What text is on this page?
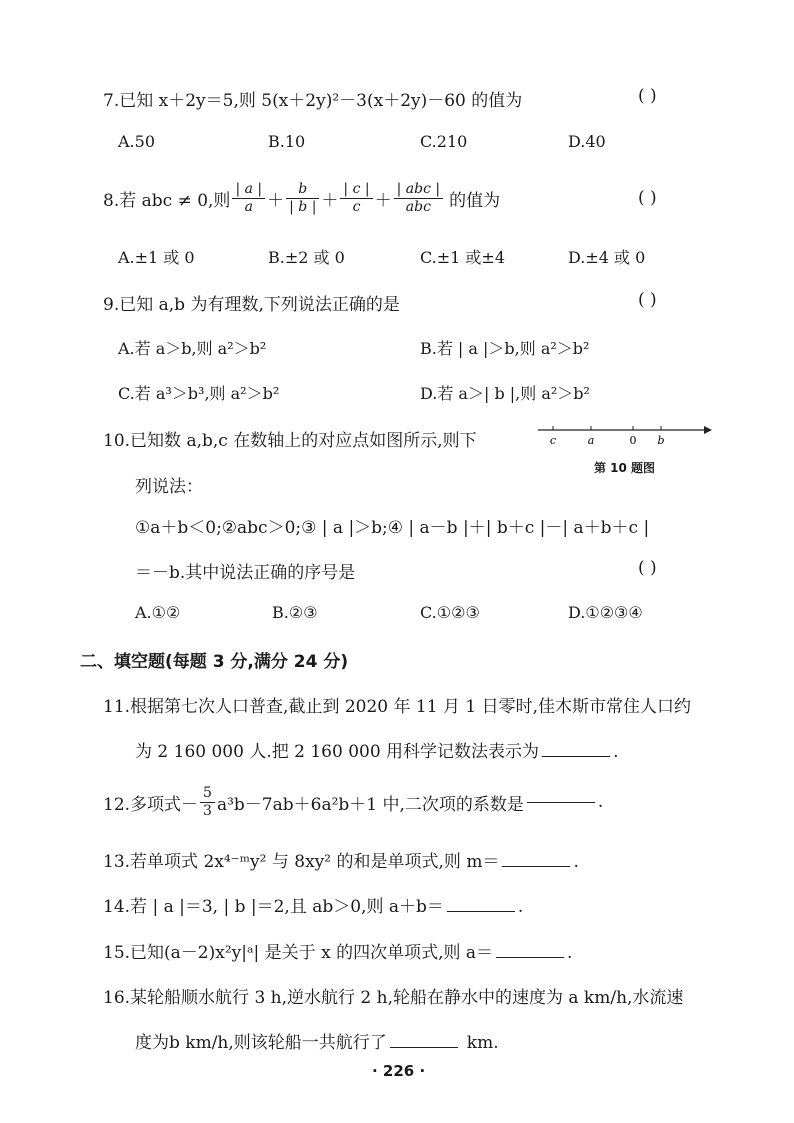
7.已知 x＋2y＝5,则 5(x＋2y)²－3(x＋2y)－60 的值为	( )
A.50	B.10	C.210	D.40
8.若 abc ≠ 0,则 $\frac{| a |}{a} + \frac{b}{| b |} + \frac{| c |}{c} + \frac{\text{| abc |}}{\text{abc}}$ 的值为	( )
A.±1 或 0	B.±2 或 0	C.±1 或±4	D.±4 或 0
9.已知 a,b 为有理数,下列说法正确的是	( )
A.若 a＞b,则 a²＞b²	B.若 | a |＞b,则 a²＞b²
C.若 a³＞b³,则 a²＞b²	D.若 a＞| b |,则 a²＞b²
10.已知数 a,b,c 在数轴上的对应点如图所示,则下
列说法：
c	a	0 b
第 10 题图
①a＋b＜0;②abc＞0;③ | a |＞b;④ | a－b |＋| b＋c |－| a＋b＋c |
＝－b.其中说法正确的序号是	( )
A.①②	B.②③	C.①②③	D.①②③④
二、填空题(每题 3 分,满分 24 分)
11.根据第七次人口普查,截止到 2020 年 11 月 1 日零时,佳木斯市常住人口约
为 2 160 000 人.把 2 160 000 用科学记数法表示为	.
12.多项式－ $\frac{5}{3} a^3b-7ab+6a^2b+1$ 中,二次项的系数是	.
13.若单项式 2x⁴⁻ᵐy² 与 8xy² 的和是单项式,则 m＝	.
14.若 | a |＝3, | b |＝2,且 ab＞0,则 a＋b＝	.
15.已知(a－2)x²y|ᵃ| 是关于 x 的四次单项式,则 a＝	.
16.某轮船顺水航行 3 h,逆水航行 2 h,轮船在静水中的速度为 a km/h,水流速
度为b km/h,则该轮船一共航行了	km.
· 226 ·
